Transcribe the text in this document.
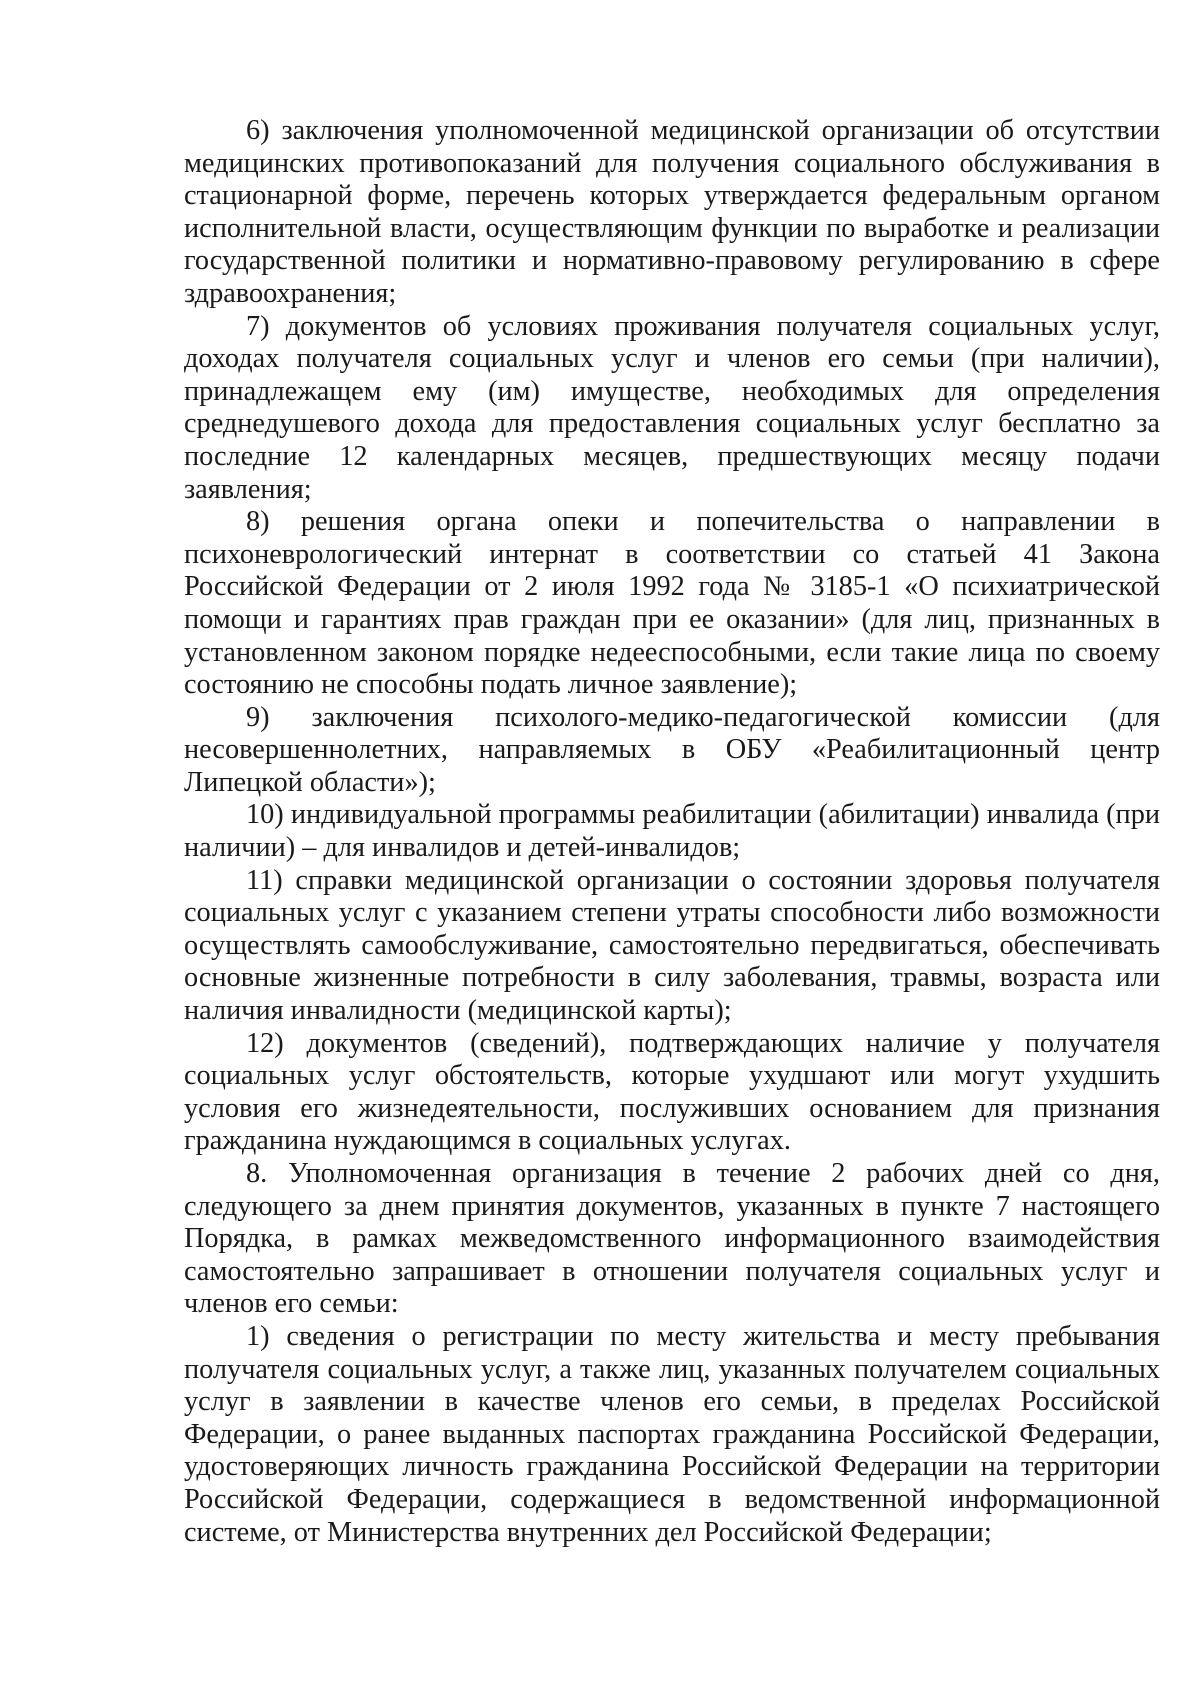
6) заключения уполномоченной медицинской организации об отсутствии медицинских противопоказаний для получения социального обслуживания в стационарной форме, перечень которых утверждается федеральным органом исполнительной власти, осуществляющим функции по выработке и реализации государственной политики и нормативно-правовому регулированию в сфере здравоохранения;

7) документов об условиях проживания получателя социальных услуг, доходах получателя социальных услуг и членов его семьи (при наличии), принадлежащем ему (им) имуществе, необходимых для определения среднедушевого дохода для предоставления социальных услуг бесплатно за последние 12 календарных месяцев, предшествующих месяцу подачи заявления;

8) решения органа опеки и попечительства о направлении в психоневрологический интернат в соответствии со статьей 41 Закона Российской Федерации от 2 июля 1992 года № 3185-1 «О психиатрической помощи и гарантиях прав граждан при ее оказании» (для лиц, признанных в установленном законом порядке недееспособными, если такие лица по своему состоянию не способны подать личное заявление);

9) заключения психолого-медико-педагогической комиссии (для несовершеннолетних, направляемых в ОБУ «Реабилитационный центр Липецкой области»);

10) индивидуальной программы реабилитации (абилитации) инвалида (при наличии) – для инвалидов и детей-инвалидов;

11) справки медицинской организации о состоянии здоровья получателя социальных услуг с указанием степени утраты способности либо возможности осуществлять самообслуживание, самостоятельно передвигаться, обеспечивать основные жизненные потребности в силу заболевания, травмы, возраста или наличия инвалидности (медицинской карты);

12) документов (сведений), подтверждающих наличие у получателя социальных услуг обстоятельств, которые ухудшают или могут ухудшить условия его жизнедеятельности, послуживших основанием для признания гражданина нуждающимся в социальных услугах.

8. Уполномоченная организация в течение 2 рабочих дней со дня, следующего за днем принятия документов, указанных в пункте 7 настоящего Порядка, в рамках межведомственного информационного взаимодействия самостоятельно запрашивает в отношении получателя социальных услуг и членов его семьи:

1) сведения о регистрации по месту жительства и месту пребывания получателя социальных услуг, а также лиц, указанных получателем социальных услуг в заявлении в качестве членов его семьи, в пределах Российской Федерации, о ранее выданных паспортах гражданина Российской Федерации, удостоверяющих личность гражданина Российской Федерации на территории Российской Федерации, содержащиеся в ведомственной информационной системе, от Министерства внутренних дел Российской Федерации;
